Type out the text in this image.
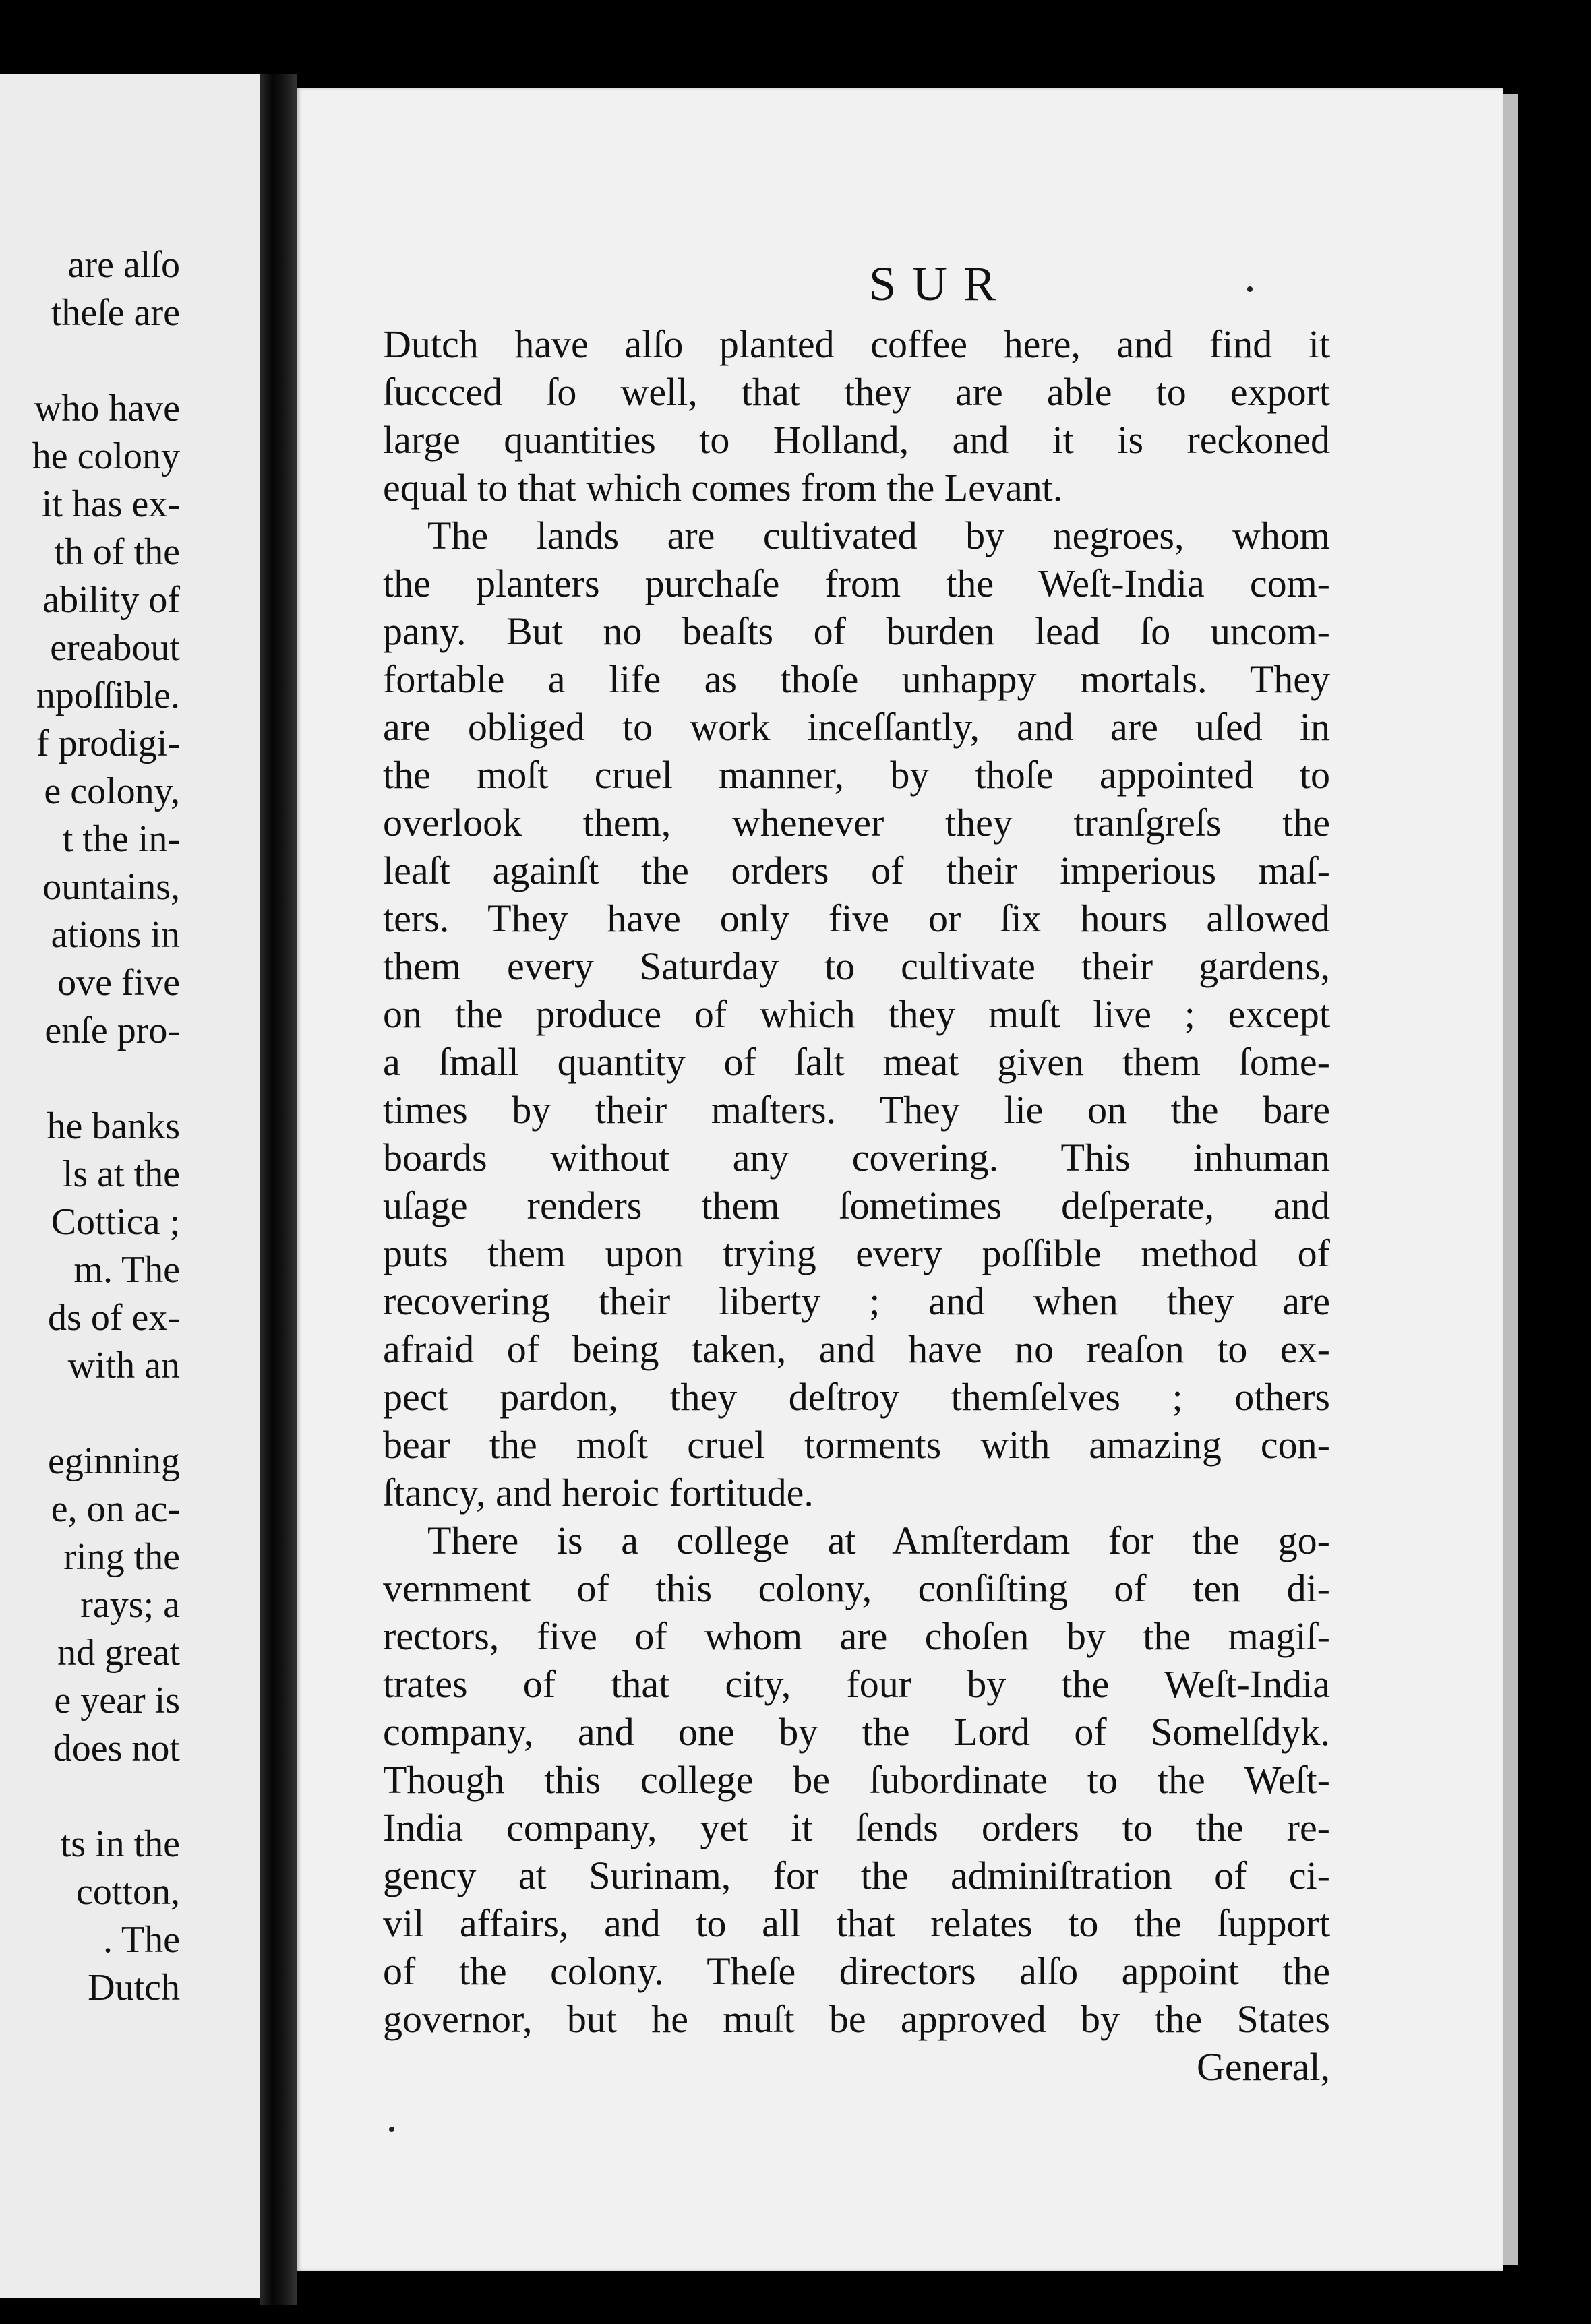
are alſo
theſe are
who have
he colony
it has ex-
th of the
ability of
ereabout
npoſſible.
f prodigi-
e colony,
t the in-
ountains,
ations in
ove five
enſe pro-
he banks
ls at the
Cottica ;
m. The
ds of ex-
with an
eginning
e, on ac-
ring the
rays; a
nd great
e year is
does not
ts in the
cotton,
. The
Dutch
SUR
Dutch have alſo planted coffee here, and find it
ſuccced ſo well, that they are able to export
large quantities to Holland, and it is reckoned
equal to that which comes from the Levant.
The lands are cultivated by negroes, whom
the planters purchaſe from the Weſt-India com-
pany. But no beaſts of burden lead ſo uncom-
fortable a life as thoſe unhappy mortals. They
are obliged to work inceſſantly, and are uſed in
the moſt cruel manner, by thoſe appointed to
overlook them, whenever they tranſgreſs the
leaſt againſt the orders of their imperious maſ-
ters. They have only five or ſix hours allowed
them every Saturday to cultivate their gardens,
on the produce of which they muſt live ; except
a ſmall quantity of ſalt meat given them ſome-
times by their maſters. They lie on the bare
boards without any covering. This inhuman
uſage renders them ſometimes deſperate, and
puts them upon trying every poſſible method of
recovering their liberty ; and when they are
afraid of being taken, and have no reaſon to ex-
pect pardon, they deſtroy themſelves ; others
bear the moſt cruel torments with amazing con-
ſtancy, and heroic fortitude.
There is a college at Amſterdam for the go-
vernment of this colony, conſiſting of ten di-
rectors, five of whom are choſen by the magiſ-
trates of that city, four by the Weſt-India
company, and one by the Lord of Somelſdyk.
Though this college be ſubordinate to the Weſt-
India company, yet it ſends orders to the re-
gency at Surinam, for the adminiſtration of ci-
vil affairs, and to all that relates to the ſupport
of the colony. Theſe directors alſo appoint the
governor, but he muſt be approved by the States
General,
